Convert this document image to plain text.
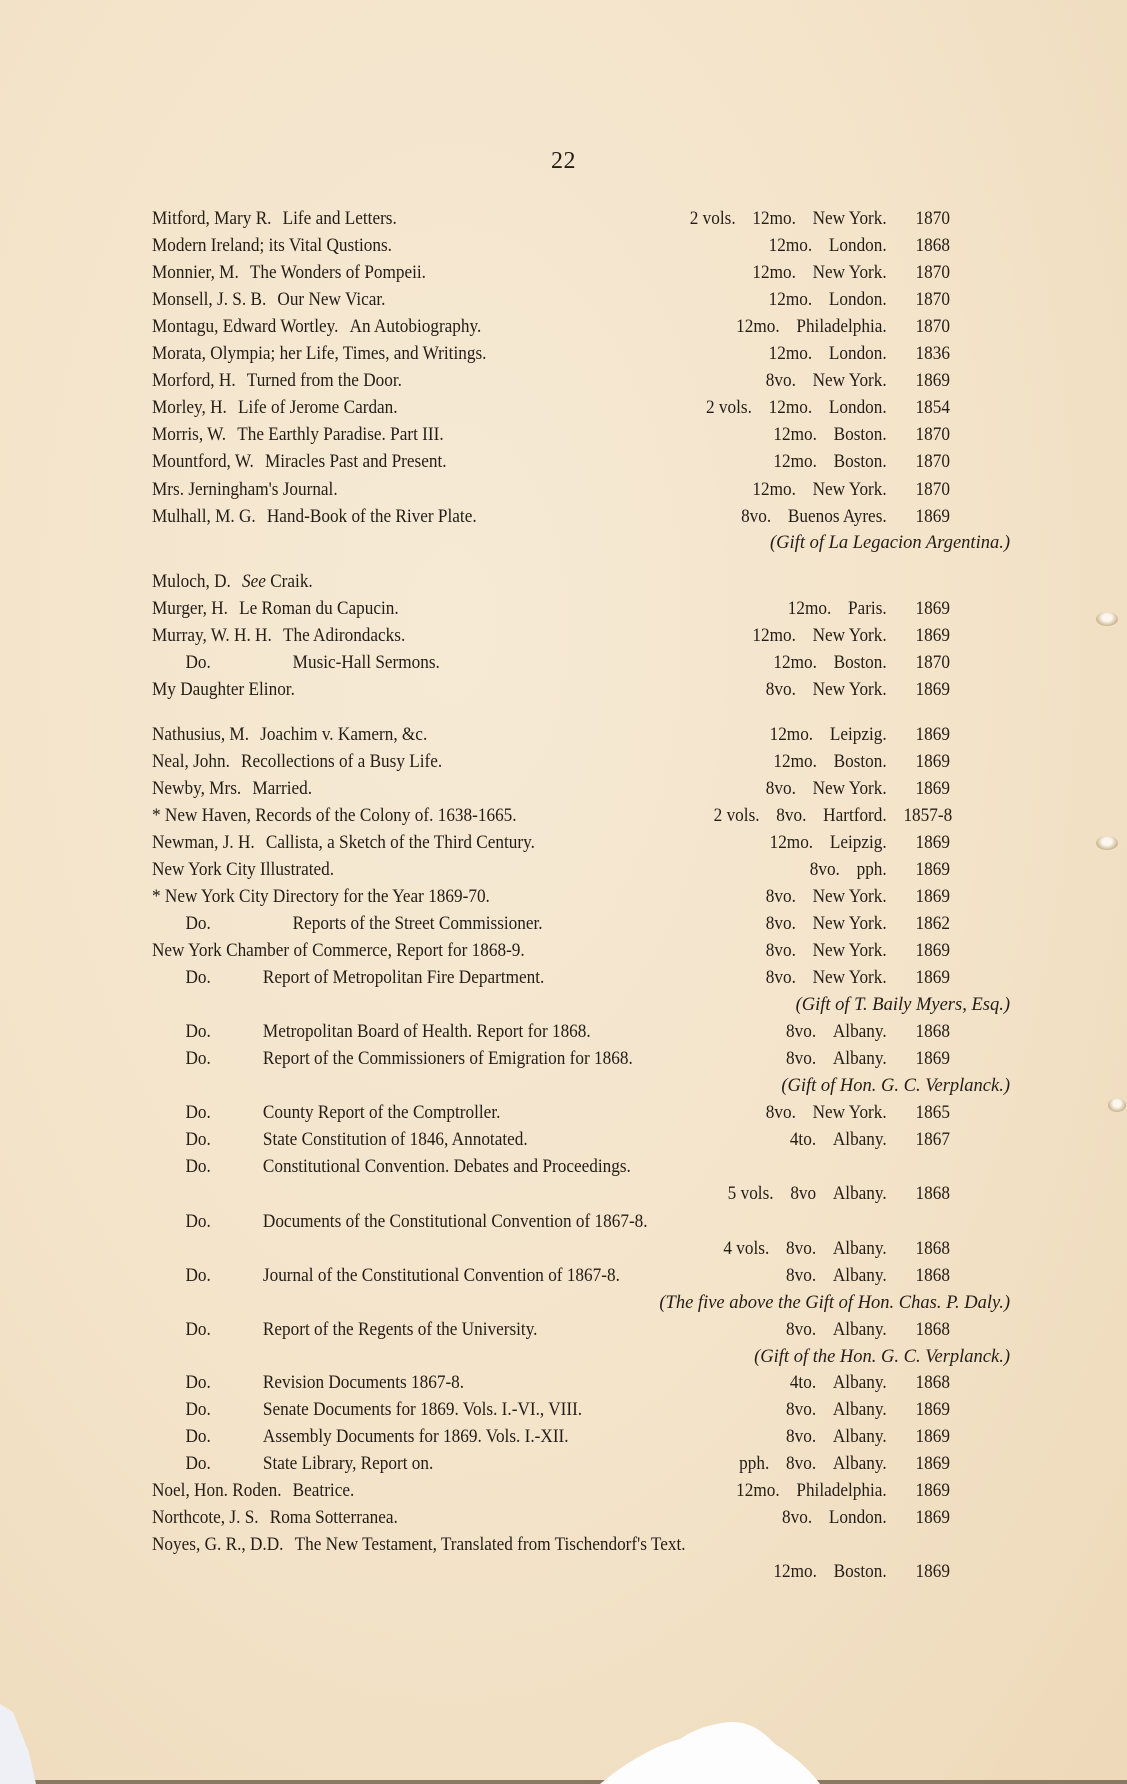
22
Mitford, Mary R. Life and Letters.	2 vols. 12mo. New York. 1870
Modern Ireland; its Vital Qustions.	12mo. London. 1868
Monnier, M. The Wonders of Pompeii.	12mo. New York. 1870
Monsell, J. S. B. Our New Vicar.	12mo. London. 1870
Montagu, Edward Wortley. An Autobiography.	12mo. Philadelphia. 1870
Morata, Olympia; her Life, Times, and Writings.	12mo. London. 1836
Morford, H. Turned from the Door.	8vo. New York. 1869
Morley, H. Life of Jerome Cardan.	2 vols. 12mo. London. 1854
Morris, W. The Earthly Paradise. Part III.	12mo. Boston. 1870
Mountford, W. Miracles Past and Present.	12mo. Boston. 1870
Mrs. Jerningham's Journal.	12mo. New York. 1870
Mulhall, M. G. Hand-Book of the River Plate.	8vo. Buenos Ayres. 1869
(Gift of La Legacion Argentina.)
Muloch, D. See Craik.
Murger, H. Le Roman du Capucin.	12mo. Paris. 1869
Murray, W. H. H. The Adirondacks.	12mo. New York. 1869
Do.	Music-Hall Sermons.	12mo. Boston. 1870
My Daughter Elinor.	8vo. New York. 1869
Nathusius, M. Joachim v. Kamern, &c.	12mo. Leipzig. 1869
Neal, John. Recollections of a Busy Life.	12mo. Boston. 1869
Newby, Mrs. Married.	8vo. New York. 1869
* New Haven, Records of the Colony of. 1638-1665.	2 vols. 8vo. Hartford. 1857-8
Newman, J. H. Callista, a Sketch of the Third Century.	12mo. Leipzig. 1869
New York City Illustrated.	8vo. pph. 1869
* New York City Directory for the Year 1869-70.	8vo. New York. 1869
Do.	Reports of the Street Commissioner.	8vo. New York. 1862
New York Chamber of Commerce, Report for 1868-9.	8vo. New York. 1869
Do.	Report of Metropolitan Fire Department.	8vo. New York. 1869
(Gift of T. Baily Myers, Esq.)
Do.	Metropolitan Board of Health. Report for 1868.	8vo. Albany. 1868
Do.	Report of the Commissioners of Emigration for 1868.	8vo. Albany. 1869
(Gift of Hon. G. C. Verplanck.)
Do.	County Report of the Comptroller.	8vo. New York. 1865
Do.	State Constitution of 1846, Annotated.	4to. Albany. 1867
Do.	Constitutional Convention. Debates and Proceedings.
5 vols. 8vo Albany. 1868
Do.	Documents of the Constitutional Convention of 1867-8.
4 vols. 8vo. Albany. 1868
Do.	Journal of the Constitutional Convention of 1867-8.	8vo. Albany. 1868
(The five above the Gift of Hon. Chas. P. Daly.)
Do.	Report of the Regents of the University.	8vo. Albany. 1868
(Gift of the Hon. G. C. Verplanck.)
Do.	Revision Documents 1867-8.	4to. Albany. 1868
Do.	Senate Documents for 1869. Vols. I.-VI., VIII.	8vo. Albany. 1869
Do.	Assembly Documents for 1869. Vols. I.-XII.	8vo. Albany. 1869
Do.	State Library, Report on.	pph. 8vo. Albany. 1869
Noel, Hon. Roden. Beatrice.	12mo. Philadelphia. 1869
Northcote, J. S. Roma Sotterranea.	8vo. London. 1869
Noyes, G. R., D.D. The New Testament, Translated from Tischendorf's Text.
12mo. Boston. 1869
